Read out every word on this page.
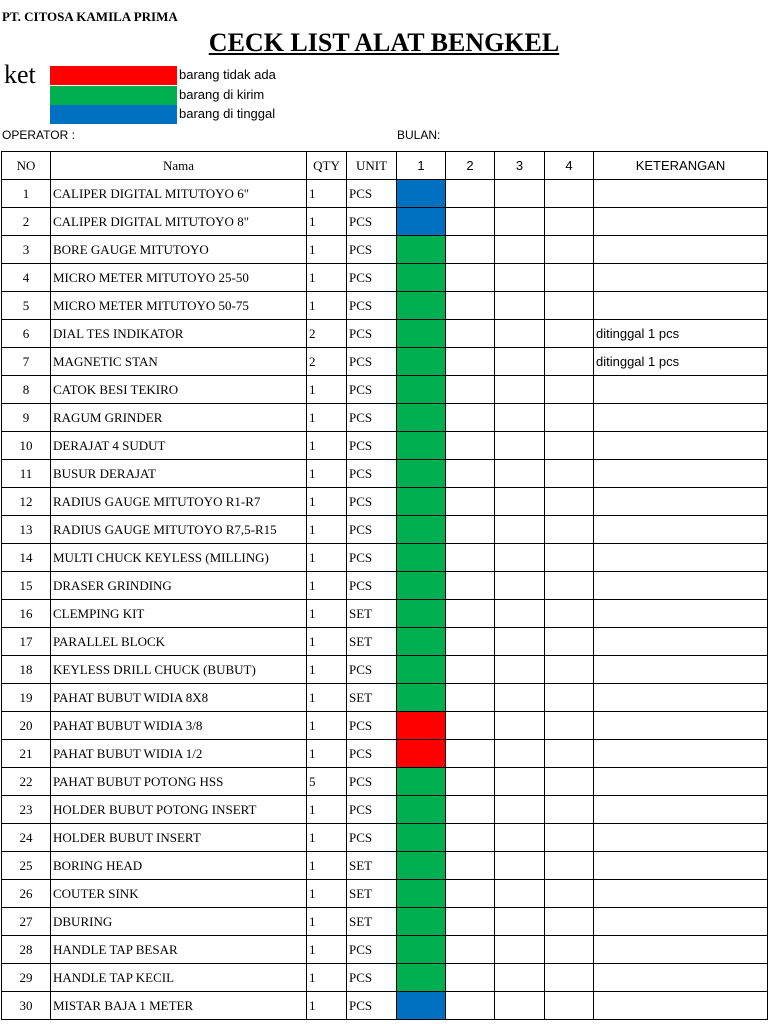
PT. CITOSA KAMILA PRIMA
CECK LIST ALAT BENGKEL
ket	barang tidak ada
barang di kirim
barang di tinggal
OPERATOR :	BULAN:
NO	Nama	QTY	UNIT	1	2	3	4	KETERANGAN
1	CALIPER DIGITAL MITUTOYO 6"	1	PCS					
2	CALIPER DIGITAL MITUTOYO 8"	1	PCS					
3	BORE GAUGE MITUTOYO	1	PCS					
4	MICRO METER MITUTOYO 25-50	1	PCS					
5	MICRO METER MITUTOYO 50-75	1	PCS					
6	DIAL TES INDIKATOR	2	PCS					ditinggal 1 pcs
7	MAGNETIC STAN	2	PCS					ditinggal 1 pcs
8	CATOK BESI TEKIRO	1	PCS					
9	RAGUM GRINDER	1	PCS					
10	DERAJAT 4 SUDUT	1	PCS					
11	BUSUR DERAJAT	1	PCS					
12	RADIUS GAUGE MITUTOYO R1-R7	1	PCS					
13	RADIUS GAUGE MITUTOYO R7,5-R15	1	PCS					
14	MULTI CHUCK KEYLESS (MILLING)	1	PCS					
15	DRASER GRINDING	1	PCS					
16	CLEMPING KIT	1	SET					
17	PARALLEL BLOCK	1	SET					
18	KEYLESS DRILL CHUCK (BUBUT)	1	PCS					
19	PAHAT BUBUT WIDIA 8X8	1	SET					
20	PAHAT BUBUT WIDIA 3/8	1	PCS					
21	PAHAT BUBUT WIDIA 1/2	1	PCS					
22	PAHAT BUBUT POTONG HSS	5	PCS					
23	HOLDER BUBUT POTONG INSERT	1	PCS					
24	HOLDER BUBUT INSERT	1	PCS					
25	BORING HEAD	1	SET					
26	COUTER SINK	1	SET					
27	DBURING	1	SET					
28	HANDLE TAP BESAR	1	PCS					
29	HANDLE TAP KECIL	1	PCS					
30	MISTAR BAJA 1 METER	1	PCS					
